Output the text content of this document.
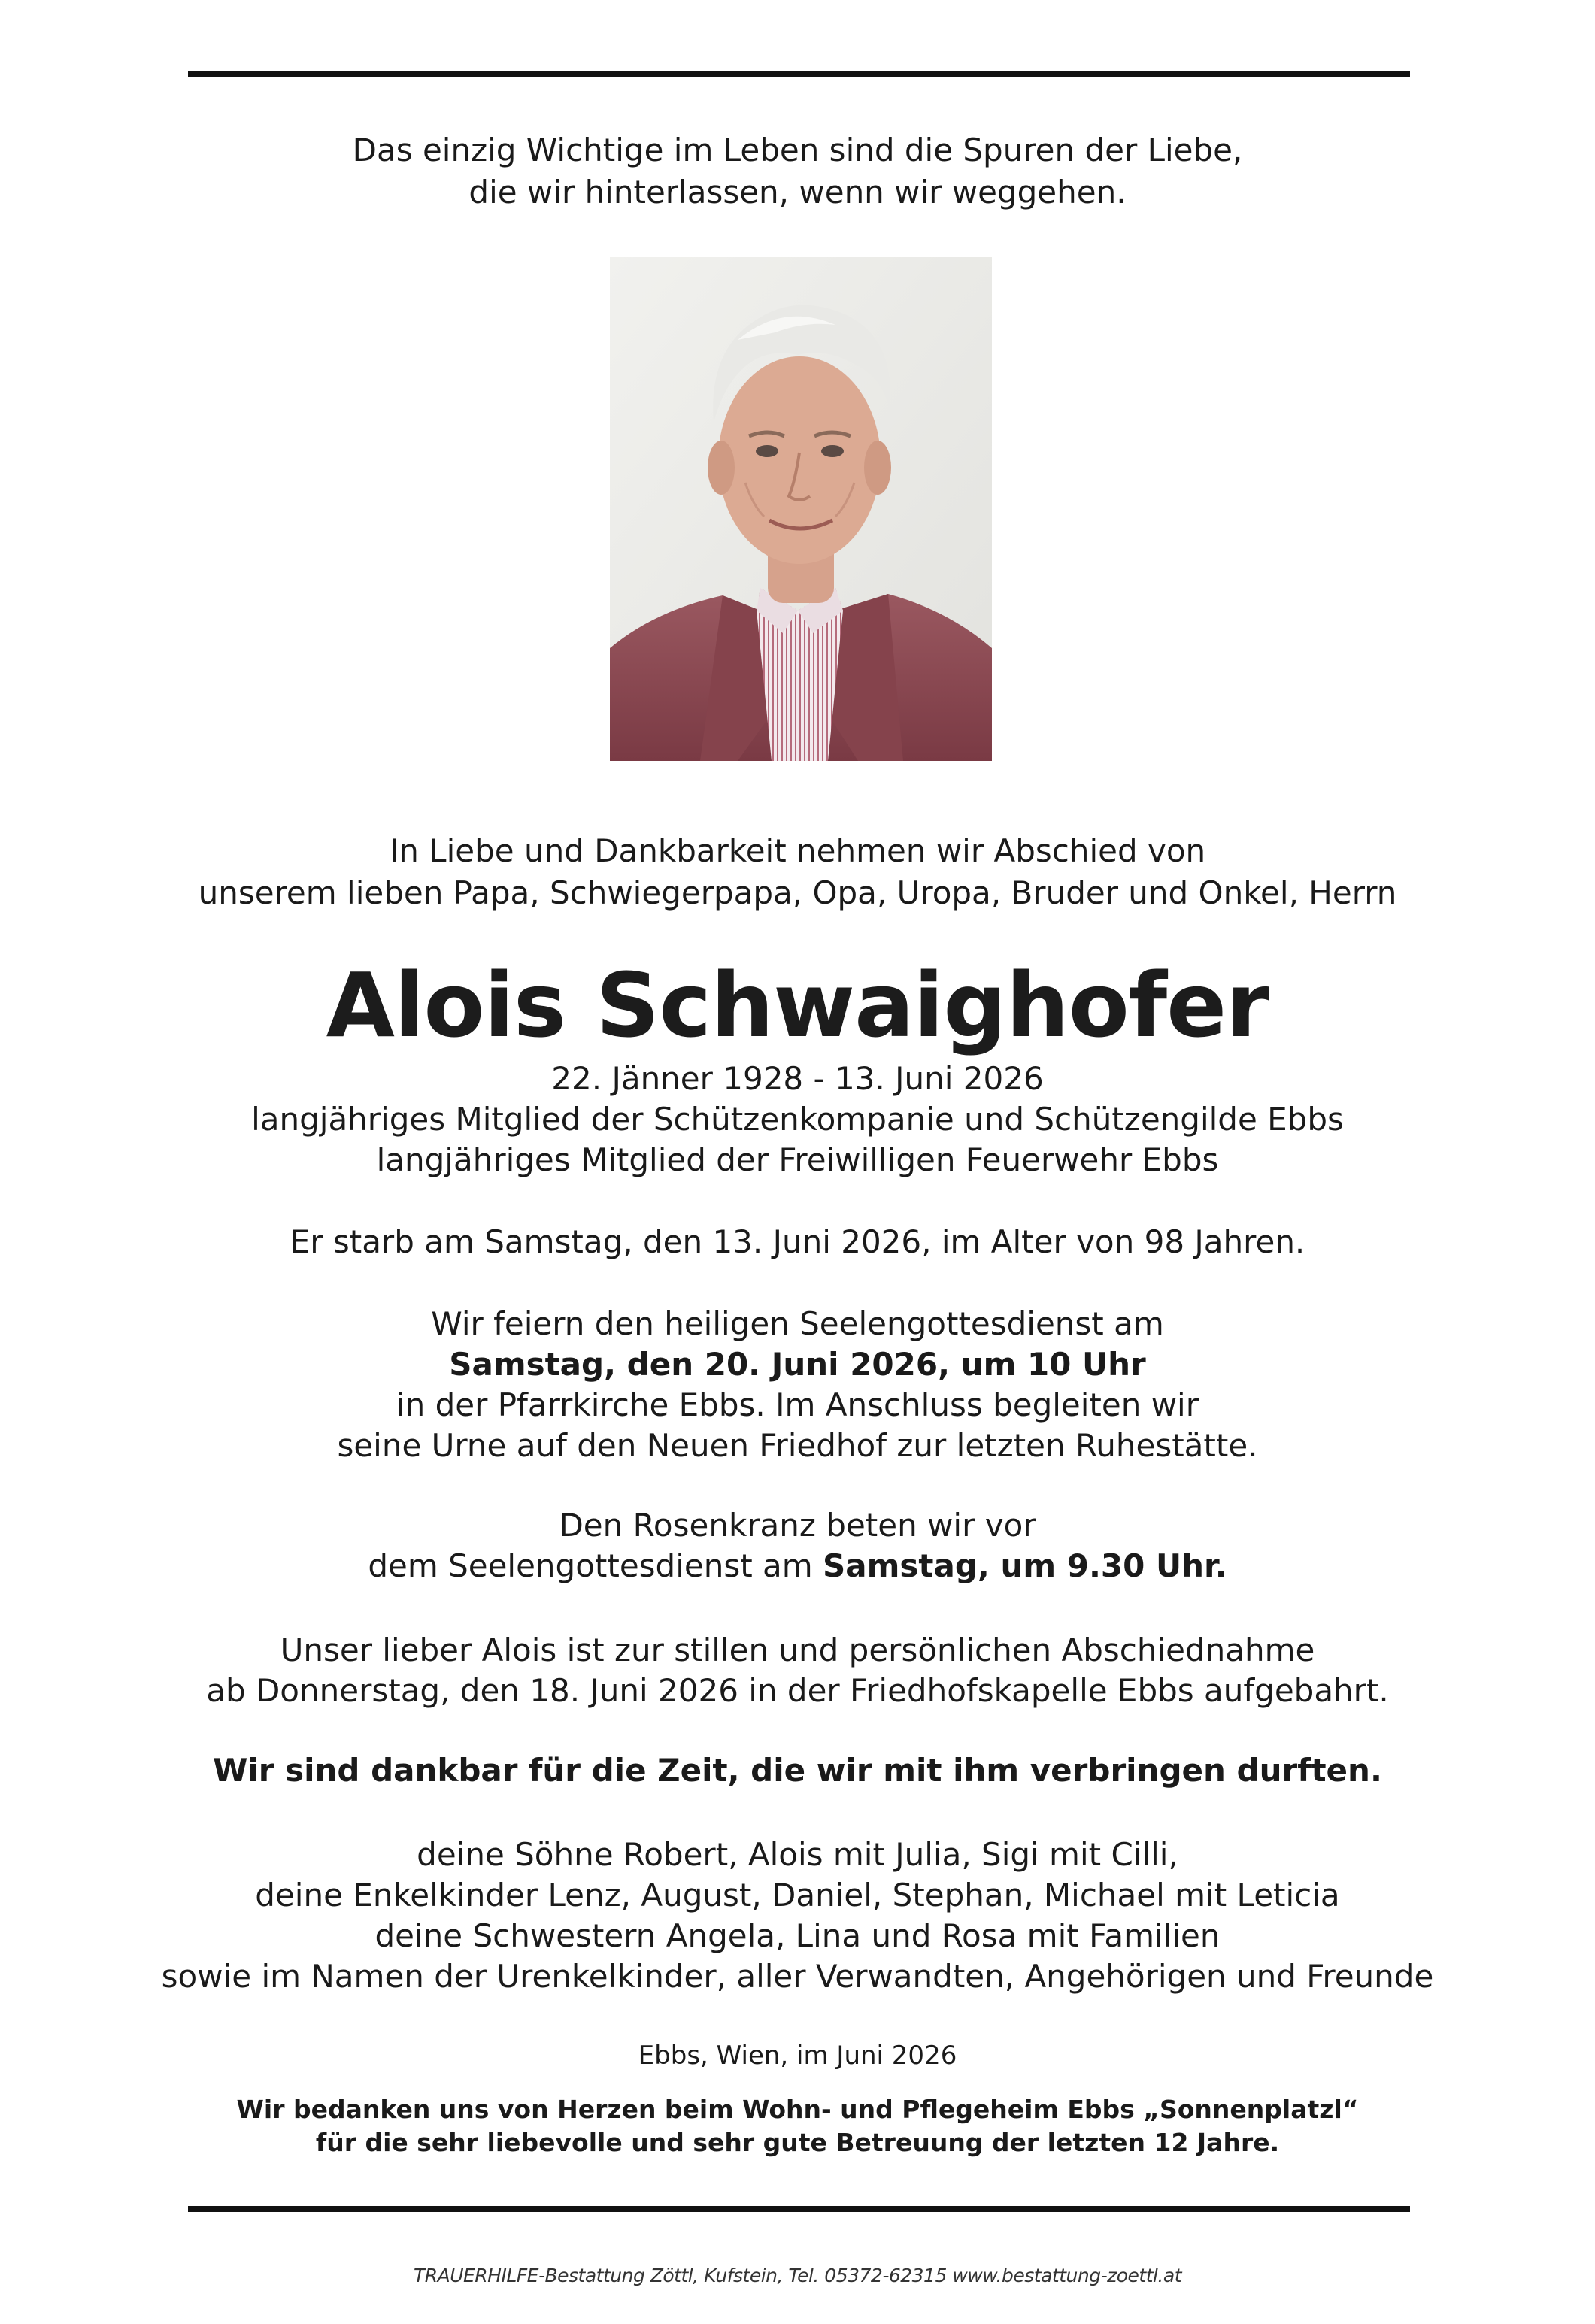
Das einzig Wichtige im Leben sind die Spuren der Liebe,
die wir hinterlassen, wenn wir weggehen.
In Liebe und Dankbarkeit nehmen wir Abschied von
unserem lieben Papa, Schwiegerpapa, Opa, Uropa, Bruder und Onkel, Herrn
Alois Schwaighofer
22. Jänner 1928 - 13. Juni 2026
langjähriges Mitglied der Schützenkompanie und Schützengilde Ebbs
langjähriges Mitglied der Freiwilligen Feuerwehr Ebbs
Er starb am Samstag, den 13. Juni 2026, im Alter von 98 Jahren.
Wir feiern den heiligen Seelengottesdienst am
Samstag, den 20. Juni 2026, um 10 Uhr
in der Pfarrkirche Ebbs. Im Anschluss begleiten wir
seine Urne auf den Neuen Friedhof zur letzten Ruhestätte.
Den Rosenkranz beten wir vor
dem Seelengottesdienst am Samstag, um 9.30 Uhr.
Unser lieber Alois ist zur stillen und persönlichen Abschiednahme
ab Donnerstag, den 18. Juni 2026 in der Friedhofskapelle Ebbs aufgebahrt.
Wir sind dankbar für die Zeit, die wir mit ihm verbringen durften.
deine Söhne Robert, Alois mit Julia, Sigi mit Cilli,
deine Enkelkinder Lenz, August, Daniel, Stephan, Michael mit Leticia
deine Schwestern Angela, Lina und Rosa mit Familien
sowie im Namen der Urenkelkinder, aller Verwandten, Angehörigen und Freunde
Ebbs, Wien, im Juni 2026
Wir bedanken uns von Herzen beim Wohn- und Pflegeheim Ebbs „Sonnenplatzl“
für die sehr liebevolle und sehr gute Betreuung der letzten 12 Jahre.
TRAUERHILFE-Bestattung Zöttl, Kufstein, Tel. 05372-62315 www.bestattung-zoettl.at
